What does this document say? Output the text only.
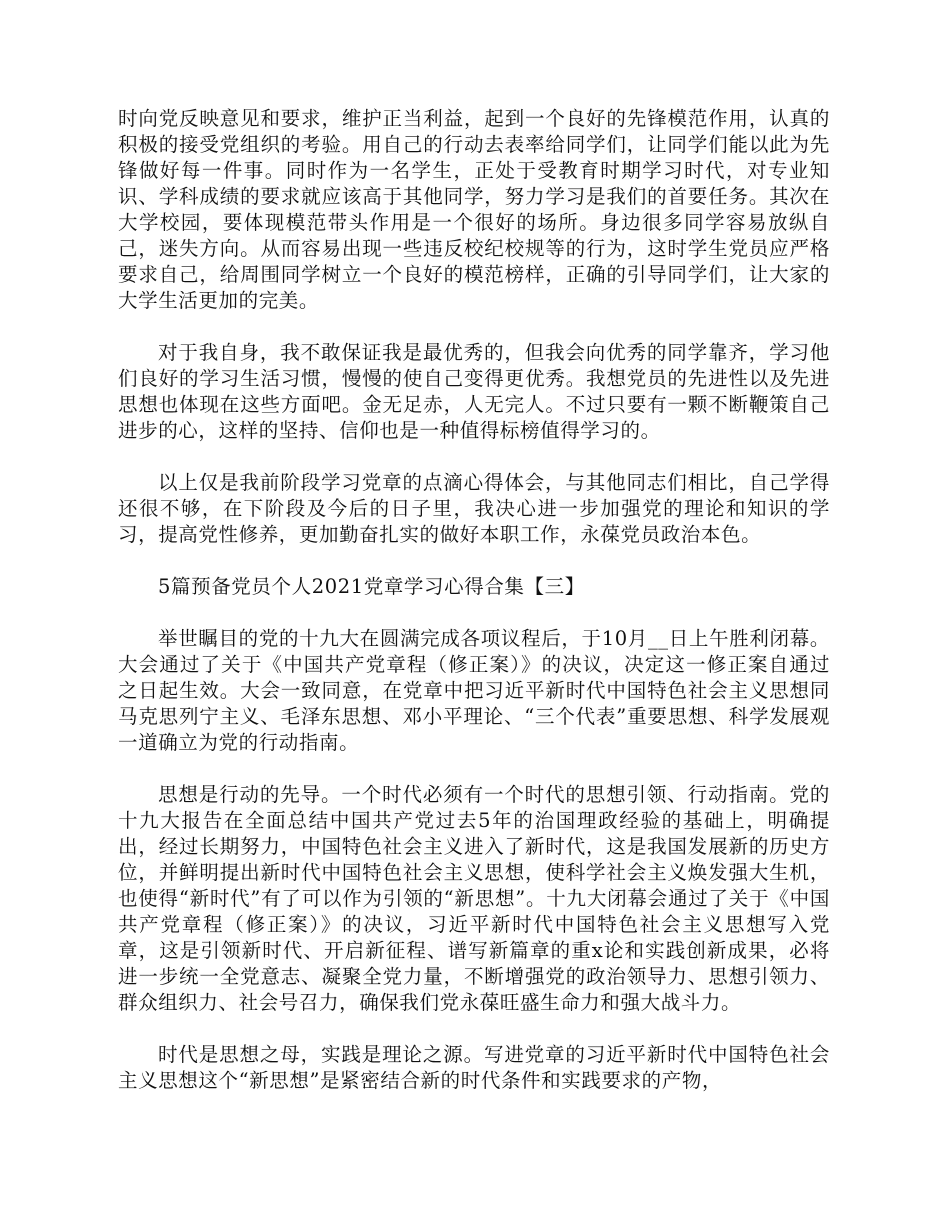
时向党反映意见和要求，维护正当利益，起到一个良好的先锋模范作用，认真的积极的接受党组织的考验。用自己的行动去表率给同学们，让同学们能以此为先锋做好每一件事。同时作为一名学生，正处于受教育时期学习时代，对专业知识、学科成绩的要求就应该高于其他同学，努力学习是我们的首要任务。其次在大学校园，要体现模范带头作用是一个很好的场所。身边很多同学容易放纵自己，迷失方向。从而容易出现一些违反校纪校规等的行为，这时学生党员应严格要求自己，给周围同学树立一个良好的模范榜样，正确的引导同学们，让大家的大学生活更加的完美。

对于我自身，我不敢保证我是最优秀的，但我会向优秀的同学靠齐，学习他们良好的学习生活习惯，慢慢的使自己变得更优秀。我想党员的先进性以及先进思想也体现在这些方面吧。金无足赤，人无完人。不过只要有一颗不断鞭策自己进步的心，这样的坚持、信仰也是一种值得标榜值得学习的。

以上仅是我前阶段学习党章的点滴心得体会，与其他同志们相比，自己学得还很不够，在下阶段及今后的日子里，我决心进一步加强党的理论和知识的学习，提高党性修养，更加勤奋扎实的做好本职工作，永葆党员政治本色。

5篇预备党员个人2021党章学习心得合集【三】

举世瞩目的党的十九大在圆满完成各项议程后，于10月__日上午胜利闭幕。大会通过了关于《中国共产党章程（修正案）》的决议，决定这一修正案自通过之日起生效。大会一致同意，在党章中把习近平新时代中国特色社会主义思想同马克思列宁主义、毛泽东思想、邓小平理论、“三个代表”重要思想、科学发展观一道确立为党的行动指南。

思想是行动的先导。一个时代必须有一个时代的思想引领、行动指南。党的十九大报告在全面总结中国共产党过去5年的治国理政经验的基础上，明确提出，经过长期努力，中国特色社会主义进入了新时代，这是我国发展新的历史方位，并鲜明提出新时代中国特色社会主义思想，使科学社会主义焕发强大生机，也使得“新时代”有了可以作为引领的“新思想”。十九大闭幕会通过了关于《中国共产党章程（修正案）》的决议，习近平新时代中国特色社会主义思想写入党章，这是引领新时代、开启新征程、谱写新篇章的重x论和实践创新成果，必将进一步统一全党意志、凝聚全党力量，不断增强党的政治领导力、思想引领力、群众组织力、社会号召力，确保我们党永葆旺盛生命力和强大战斗力。

时代是思想之母，实践是理论之源。写进党章的习近平新时代中国特色社会主义思想这个“新思想”是紧密结合新的时代条件和实践要求的产物，
